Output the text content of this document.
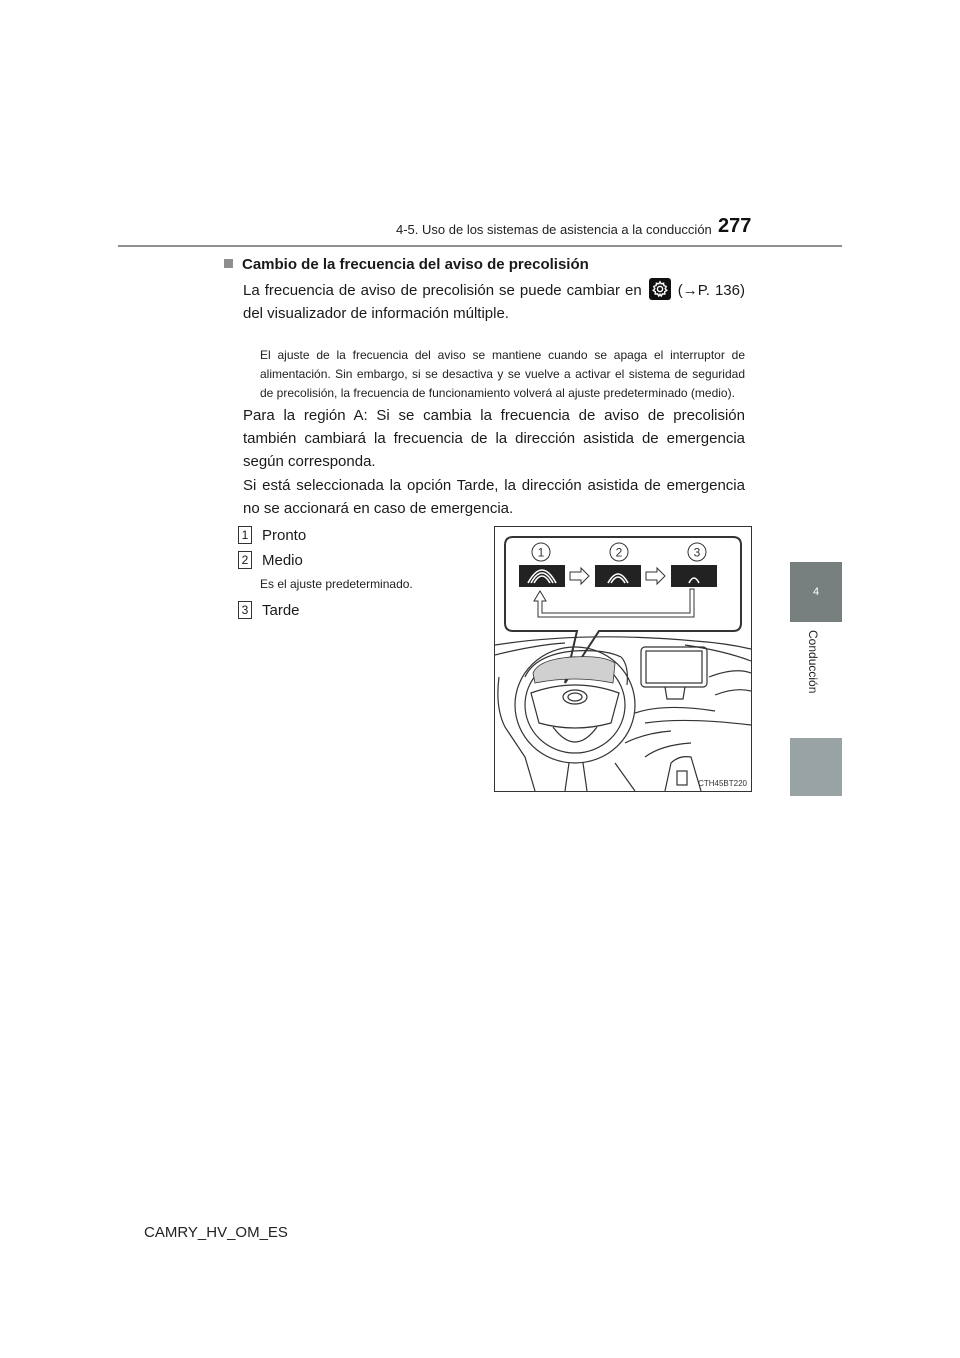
4-5. Uso de los sistemas de asistencia a la conducción 277
4
Conducción
Cambio de la frecuencia del aviso de precolisión
La frecuencia de aviso de precolisión se puede cambiar en (→P. 136) del visualizador de información múltiple.
El ajuste de la frecuencia del aviso se mantiene cuando se apaga el interruptor de alimentación. Sin embargo, si se desactiva y se vuelve a activar el sistema de seguridad de precolisión, la frecuencia de funcionamiento volverá al ajuste predeterminado (medio).
Para la región A: Si se cambia la frecuencia de aviso de precolisión también cambiará la frecuencia de la dirección asistida de emergencia según corresponda.
Si está seleccionada la opción Tarde, la dirección asistida de emergencia no se accionará en caso de emergencia.
1 Pronto
2 Medio
Es el ajuste predeterminado.
3 Tarde
1	2	3
CTH45BT220
CAMRY_HV_OM_ES
